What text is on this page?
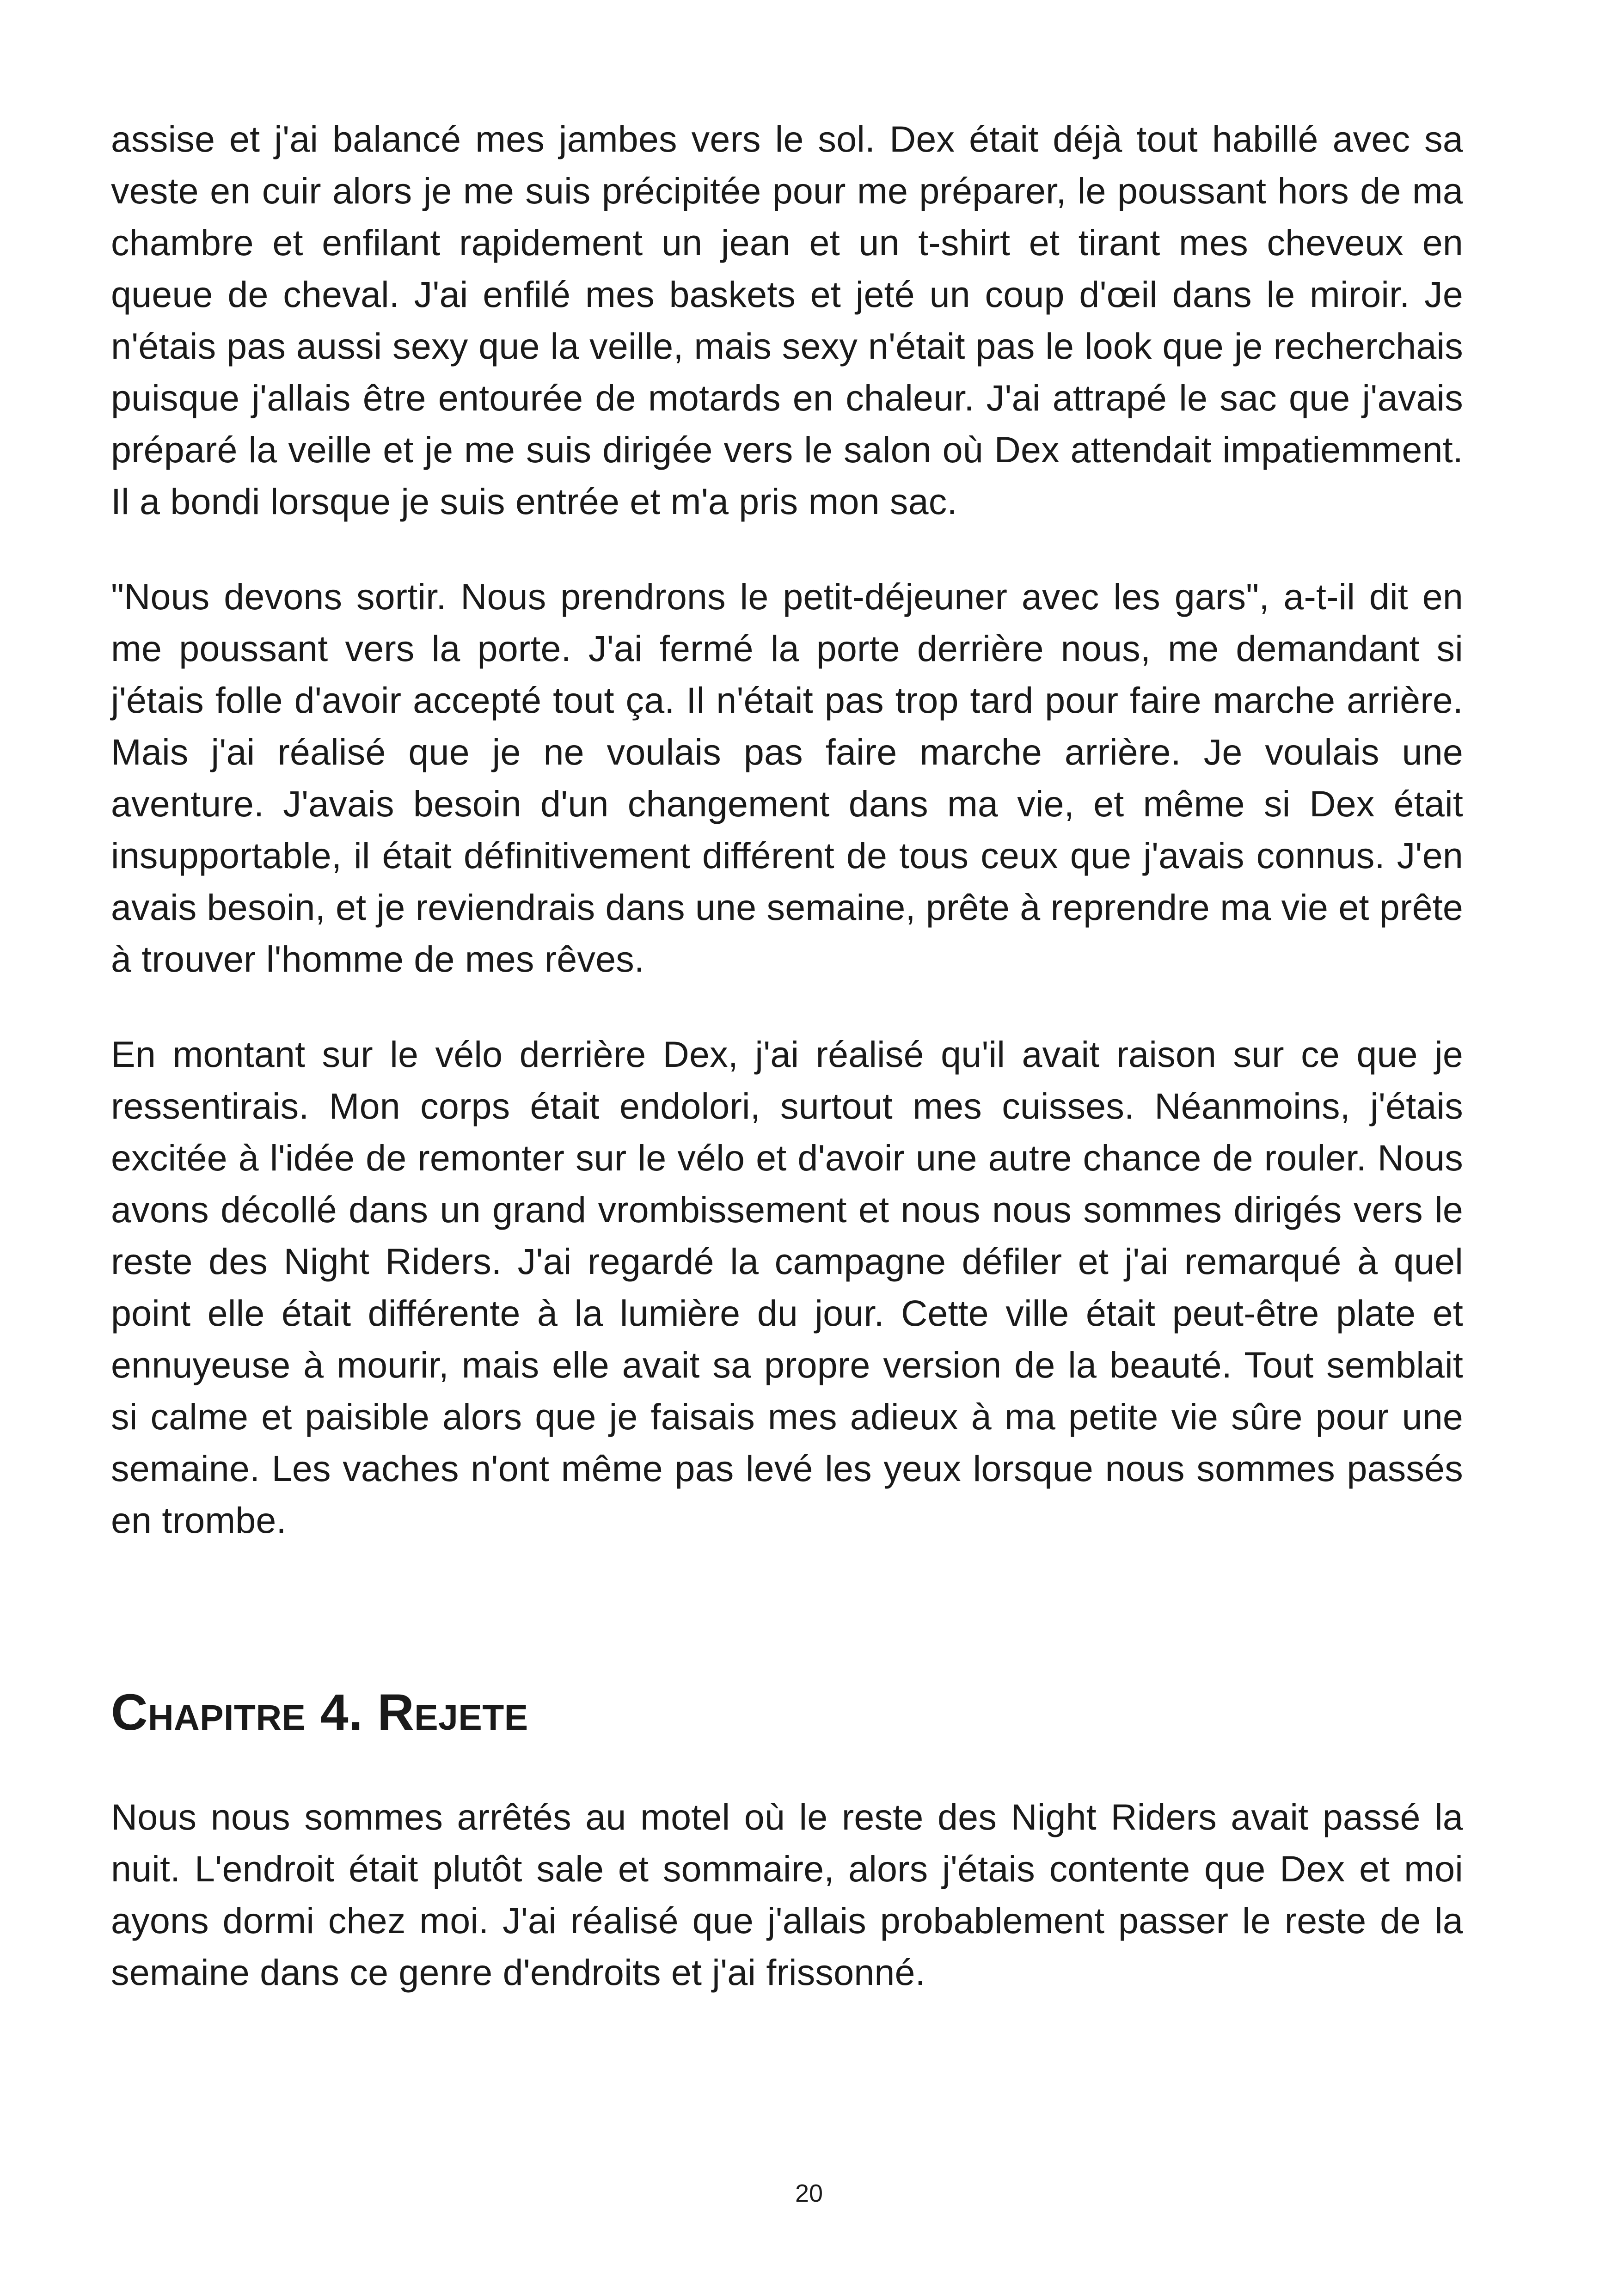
assise et j'ai balancé mes jambes vers le sol. Dex était déjà tout habillé avec sa veste en cuir alors je me suis précipitée pour me préparer, le poussant hors de ma chambre et enfilant rapidement un jean et un t-shirt et tirant mes cheveux en queue de cheval. J'ai enfilé mes baskets et jeté un coup d'œil dans le miroir. Je n'étais pas aussi sexy que la veille, mais sexy n'était pas le look que je recherchais puisque j'allais être entourée de motards en chaleur. J'ai attrapé le sac que j'avais préparé la veille et je me suis dirigée vers le salon où Dex attendait impatiemment. Il a bondi lorsque je suis entrée et m'a pris mon sac.

"Nous devons sortir. Nous prendrons le petit-déjeuner avec les gars", a-t-il dit en me poussant vers la porte. J'ai fermé la porte derrière nous, me demandant si j'étais folle d'avoir accepté tout ça. Il n'était pas trop tard pour faire marche arrière. Mais j'ai réalisé que je ne voulais pas faire marche arrière. Je voulais une aventure. J'avais besoin d'un changement dans ma vie, et même si Dex était insupportable, il était définitivement différent de tous ceux que j'avais connus. J'en avais besoin, et je reviendrais dans une semaine, prête à reprendre ma vie et prête à trouver l'homme de mes rêves.

En montant sur le vélo derrière Dex, j'ai réalisé qu'il avait raison sur ce que je ressentirais. Mon corps était endolori, surtout mes cuisses. Néanmoins, j'étais excitée à l'idée de remonter sur le vélo et d'avoir une autre chance de rouler. Nous avons décollé dans un grand vrombissement et nous nous sommes dirigés vers le reste des Night Riders. J'ai regardé la campagne défiler et j'ai remarqué à quel point elle était différente à la lumière du jour. Cette ville était peut-être plate et ennuyeuse à mourir, mais elle avait sa propre version de la beauté. Tout semblait si calme et paisible alors que je faisais mes adieux à ma petite vie sûre pour une semaine. Les vaches n'ont même pas levé les yeux lorsque nous sommes passés en trombe.

Chapitre 4. Rejete

Nous nous sommes arrêtés au motel où le reste des Night Riders avait passé la nuit. L'endroit était plutôt sale et sommaire, alors j'étais contente que Dex et moi ayons dormi chez moi. J'ai réalisé que j'allais probablement passer le reste de la semaine dans ce genre d'endroits et j'ai frissonné.

20
